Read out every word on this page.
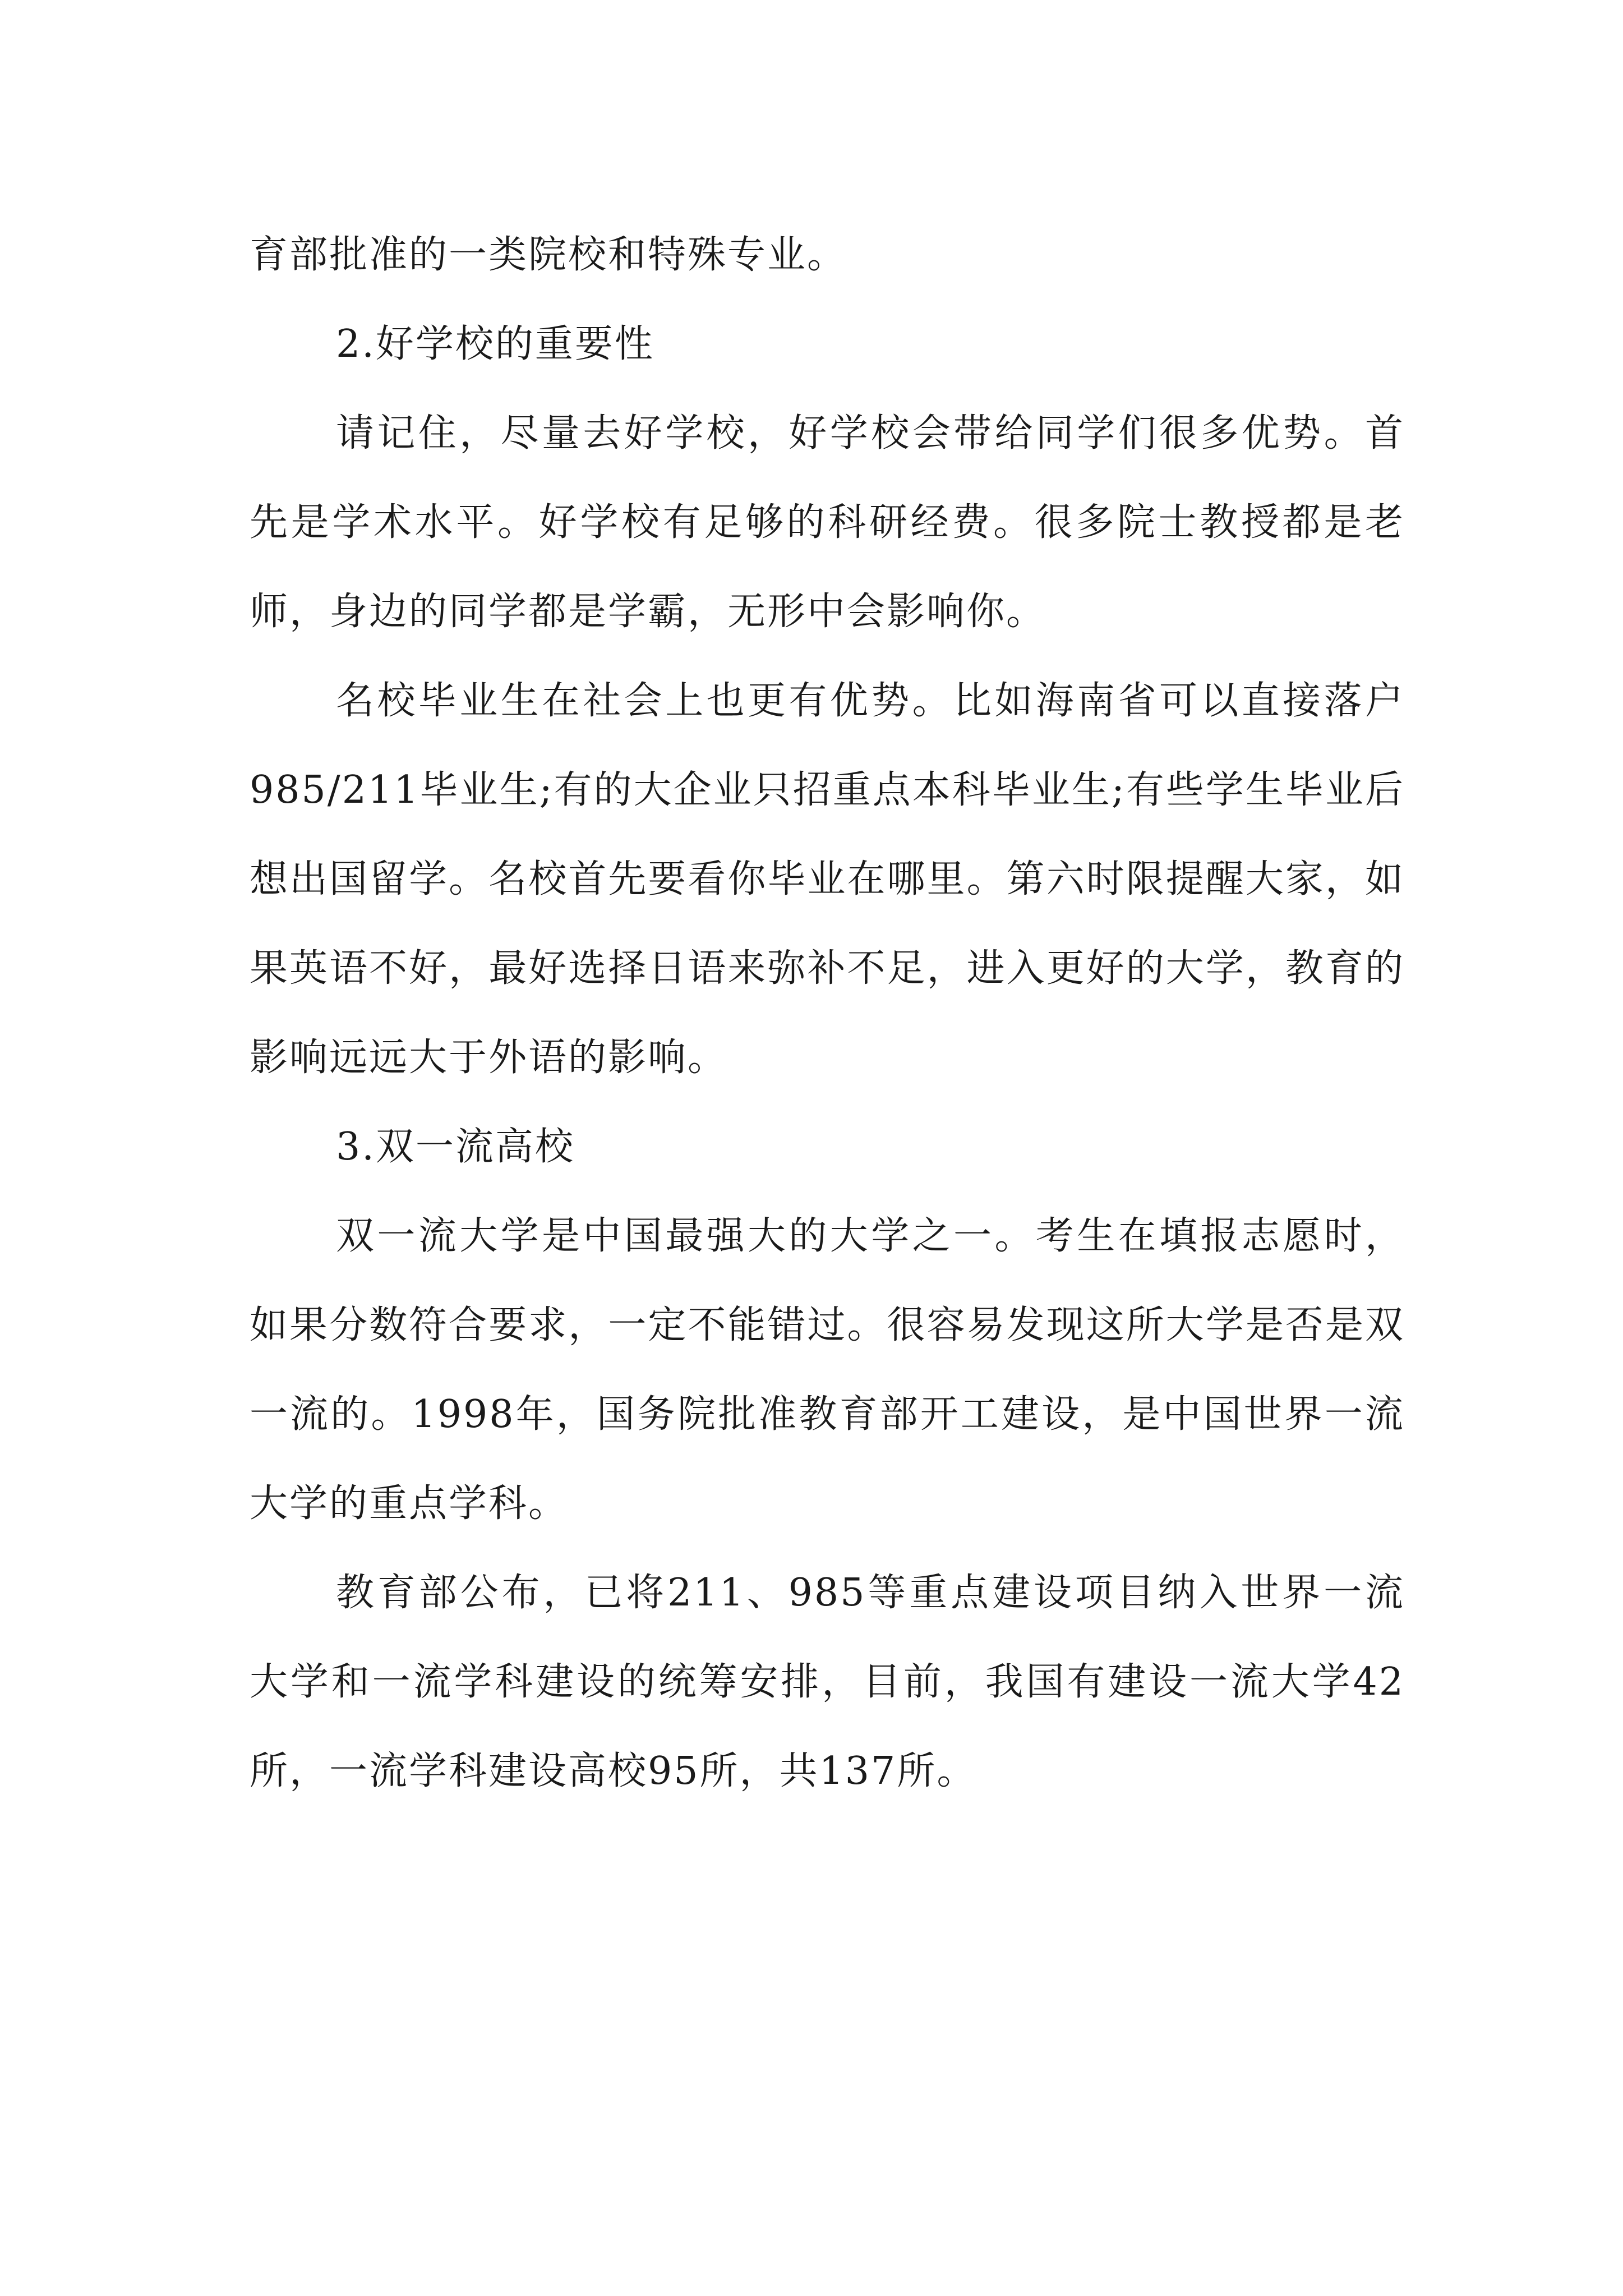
育部批准的一类院校和特殊专业。

2.好学校的重要性

请记住，尽量去好学校，好学校会带给同学们很多优势。首先是学术水平。好学校有足够的科研经费。很多院士教授都是老师，身边的同学都是学霸，无形中会影响你。

名校毕业生在社会上也更有优势。比如海南省可以直接落户985/211毕业生;有的大企业只招重点本科毕业生;有些学生毕业后想出国留学。名校首先要看你毕业在哪里。第六时限提醒大家，如果英语不好，最好选择日语来弥补不足，进入更好的大学，教育的影响远远大于外语的影响。

3.双一流高校

双一流大学是中国最强大的大学之一。考生在填报志愿时，如果分数符合要求，一定不能错过。很容易发现这所大学是否是双一流的。1998年，国务院批准教育部开工建设，是中国世界一流大学的重点学科。

教育部公布，已将211、985等重点建设项目纳入世界一流大学和一流学科建设的统筹安排，目前，我国有建设一流大学42所，一流学科建设高校95所，共137所。
